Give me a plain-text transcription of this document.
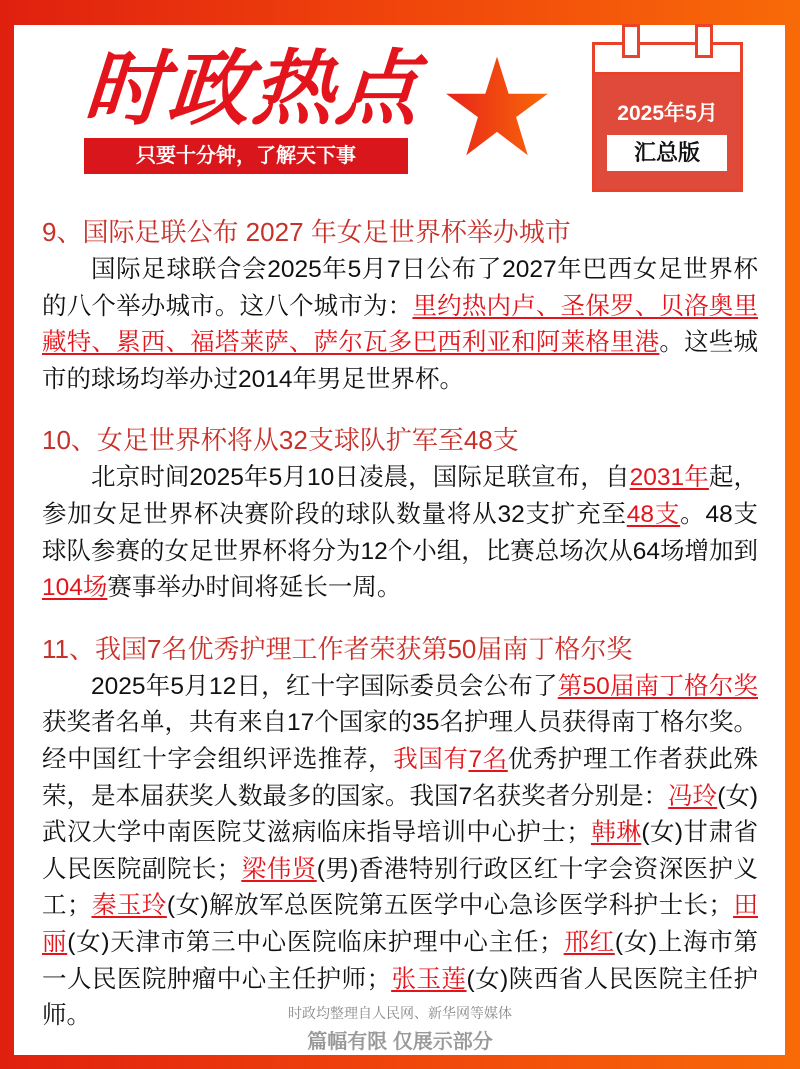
时政热点
只要十分钟，了解天下事
2025年5月
汇总版
9、国际足联公布 2027 年女足世界杯举办城市

国际足球联合会2025年5月7日公布了2027年巴西女足世界杯的八个举办城市。这八个城市为：里约热内卢、圣保罗、贝洛奥里藏特、累西、福塔莱萨、萨尔瓦多巴西利亚和阿莱格里港。这些城市的球场均举办过2014年男足世界杯。

10、女足世界杯将从32支球队扩军至48支

北京时间2025年5月10日凌晨，国际足联宣布，自2031年起，参加女足世界杯决赛阶段的球队数量将从32支扩充至48支。48支球队参赛的女足世界杯将分为12个小组，比赛总场次从64场增加到104场赛事举办时间将延长一周。

11、我国7名优秀护理工作者荣获第50届南丁格尔奖

2025年5月12日，红十字国际委员会公布了第50届南丁格尔奖获奖者名单，共有来自17个国家的35名护理人员获得南丁格尔奖。经中国红十字会组织评选推荐，我国有7名优秀护理工作者获此殊荣，是本届获奖人数最多的国家。我国7名获奖者分别是：冯玲(女)武汉大学中南医院艾滋病临床指导培训中心护士；韩琳(女)甘肃省人民医院副院长；梁伟贤(男)香港特别行政区红十字会资深医护义工；秦玉玲(女)解放军总医院第五医学中心急诊医学科护士长；田丽(女)天津市第三中心医院临床护理中心主任；邢红(女)上海市第一人民医院肿瘤中心主任护师；张玉莲(女)陕西省人民医院主任护师。	时政均整理自人民网、新华网等媒体
篇幅有限 仅展示部分
